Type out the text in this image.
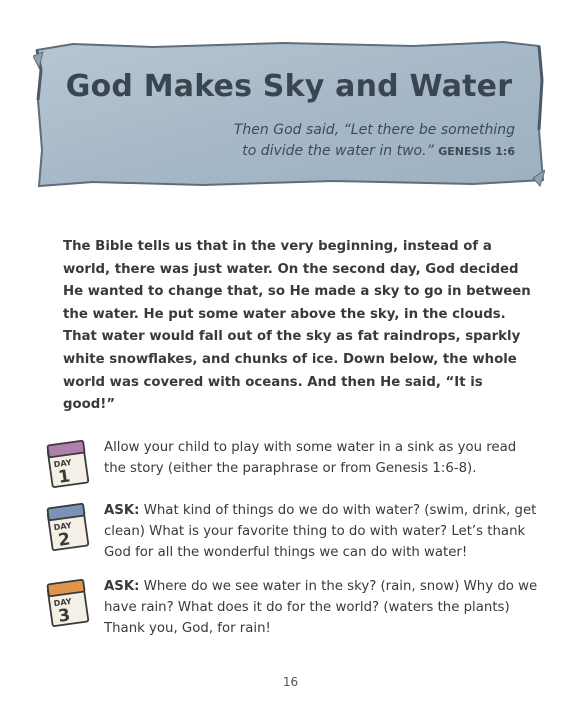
God Makes Sky and Water
Then God said, “Let there be something
to divide the water in two.” GENESIS 1:6
The Bible tells us that in the very beginning, instead of a world, there was just water. On the second day, God decided He wanted to change that, so He made a sky to go in between the water. He put some water above the sky, in the clouds. That water would fall out of the sky as fat raindrops, sparkly white snowflakes, and chunks of ice. Down below, the whole world was covered with oceans. And then He said, “It is good!”
DAY
1
Allow your child to play with some water in a sink as you read the story (either the paraphrase or from Genesis 1:6-8).
DAY
2
ASK: What kind of things do we do with water? (swim, drink, get clean) What is your favorite thing to do with water? Let’s thank God for all the wonderful things we can do with water!
DAY
3
ASK: Where do we see water in the sky? (rain, snow) Why do we have rain? What does it do for the world? (waters the plants) Thank you, God, for rain!
16
